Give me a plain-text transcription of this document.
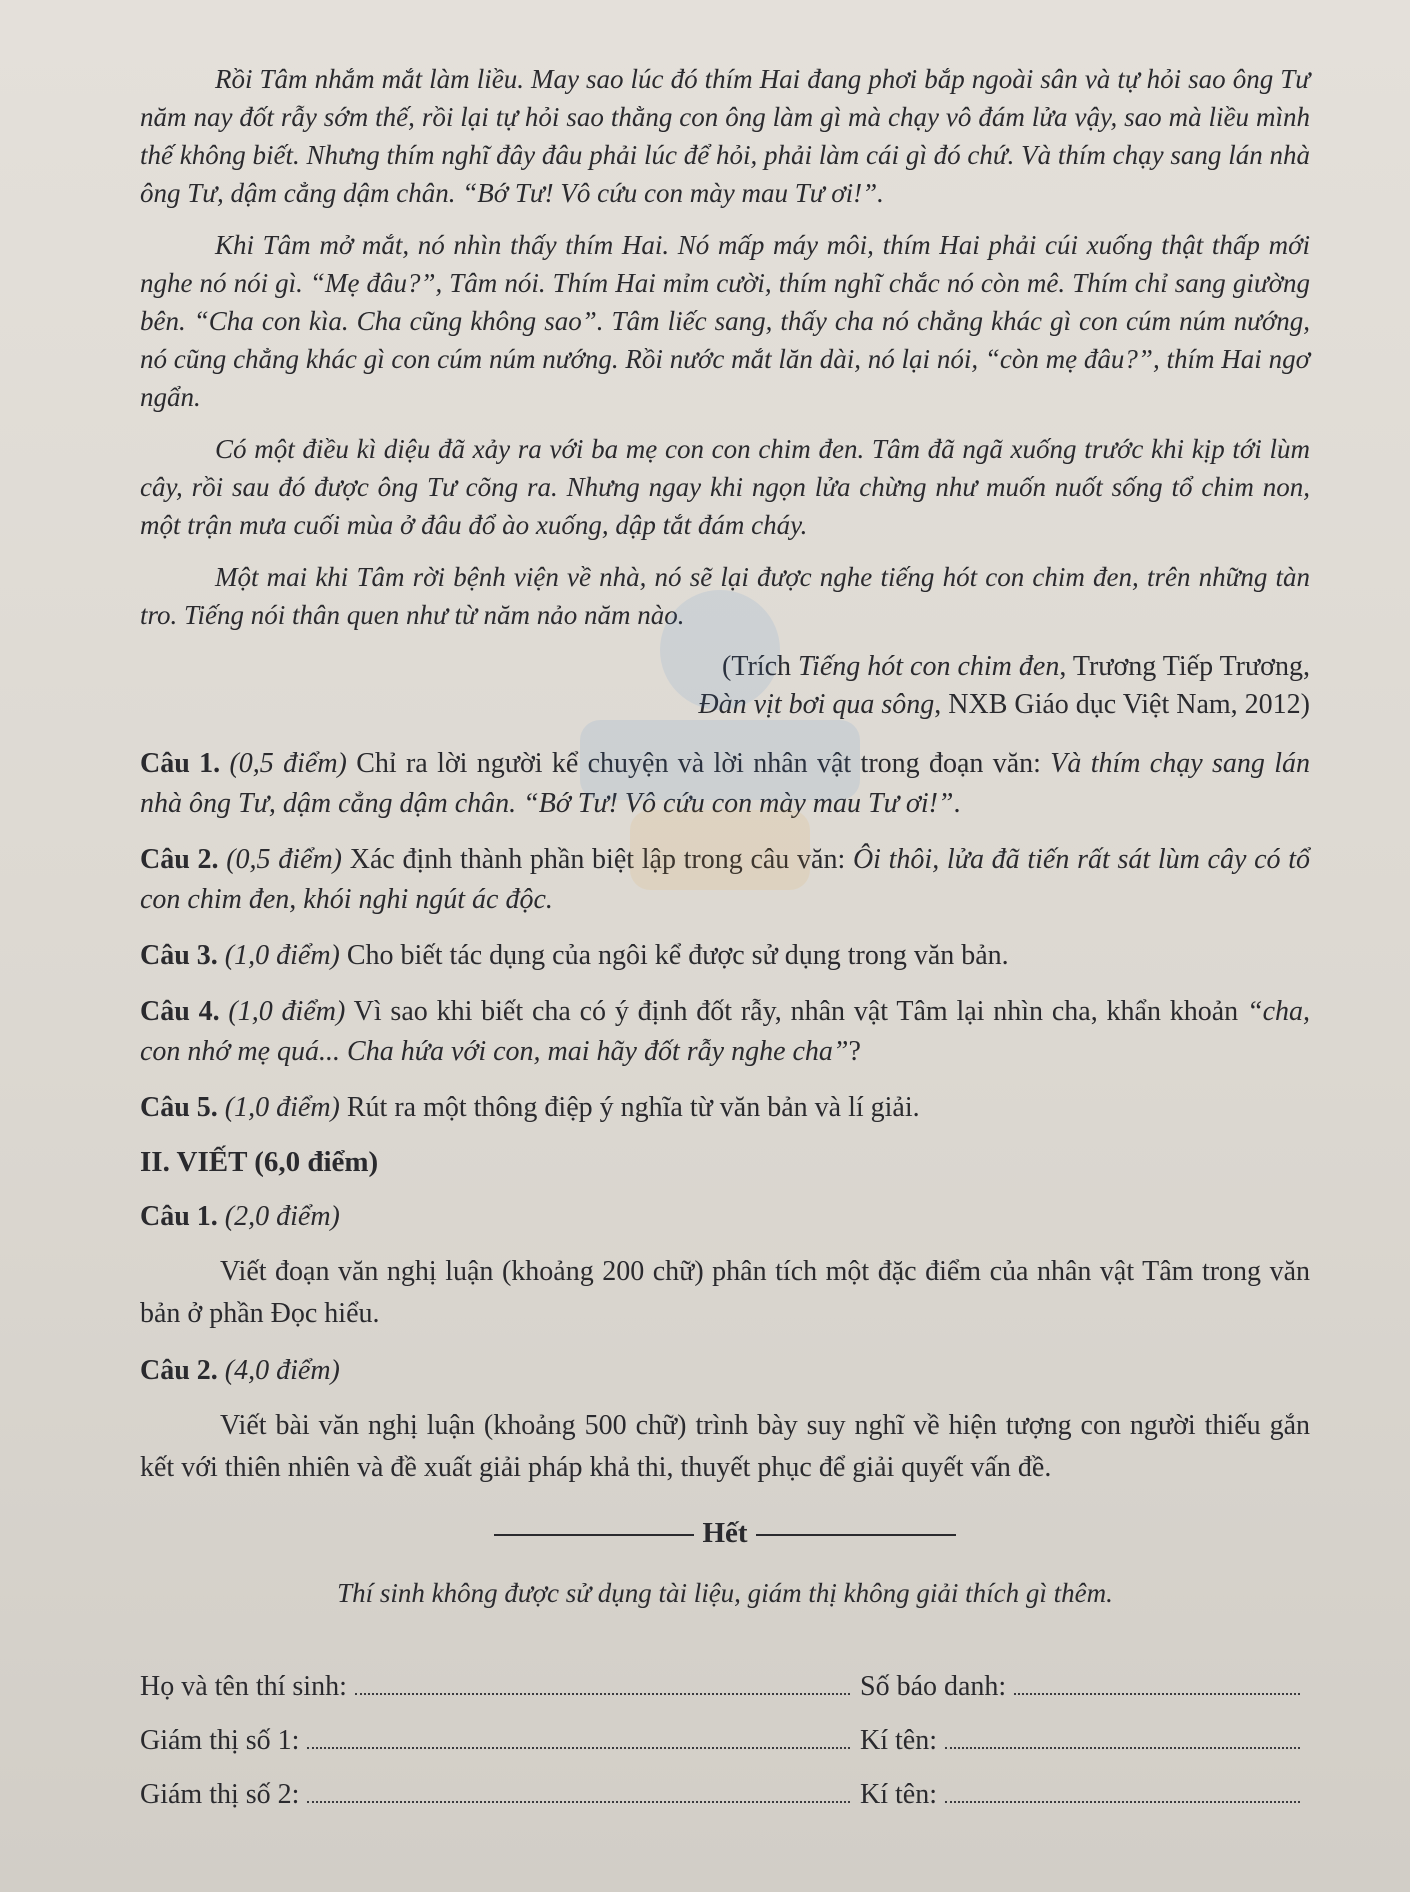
Rồi Tâm nhắm mắt làm liều. May sao lúc đó thím Hai đang phơi bắp ngoài sân và tự hỏi sao ông Tư năm nay đốt rẫy sớm thế, rồi lại tự hỏi sao thằng con ông làm gì mà chạy vô đám lửa vậy, sao mà liều mình thế không biết. Nhưng thím nghĩ đây đâu phải lúc để hỏi, phải làm cái gì đó chứ. Và thím chạy sang lán nhà ông Tư, dậm cẳng dậm chân. “Bớ Tư! Vô cứu con mày mau Tư ơi!”.

Khi Tâm mở mắt, nó nhìn thấy thím Hai. Nó mấp máy môi, thím Hai phải cúi xuống thật thấp mới nghe nó nói gì. “Mẹ đâu?”, Tâm nói. Thím Hai mỉm cười, thím nghĩ chắc nó còn mê. Thím chỉ sang giường bên. “Cha con kìa. Cha cũng không sao”. Tâm liếc sang, thấy cha nó chẳng khác gì con cúm núm nướng, nó cũng chẳng khác gì con cúm núm nướng. Rồi nước mắt lăn dài, nó lại nói, “còn mẹ đâu?”, thím Hai ngơ ngẩn.

Có một điều kì diệu đã xảy ra với ba mẹ con con chim đen. Tâm đã ngã xuống trước khi kịp tới lùm cây, rồi sau đó được ông Tư cõng ra. Nhưng ngay khi ngọn lửa chừng như muốn nuốt sống tổ chim non, một trận mưa cuối mùa ở đâu đổ ào xuống, dập tắt đám cháy.

Một mai khi Tâm rời bệnh viện về nhà, nó sẽ lại được nghe tiếng hót con chim đen, trên những tàn tro. Tiếng nói thân quen như từ năm nảo năm nào.

(Trích Tiếng hót con chim đen, Trương Tiếp Trương,
Đàn vịt bơi qua sông, NXB Giáo dục Việt Nam, 2012)

Câu 1. (0,5 điểm) Chỉ ra lời người kể chuyện và lời nhân vật trong đoạn văn: Và thím chạy sang lán nhà ông Tư, dậm cẳng dậm chân. “Bớ Tư! Vô cứu con mày mau Tư ơi!”.

Câu 2. (0,5 điểm) Xác định thành phần biệt lập trong câu văn: Ôi thôi, lửa đã tiến rất sát lùm cây có tổ con chim đen, khói nghi ngút ác độc.

Câu 3. (1,0 điểm) Cho biết tác dụng của ngôi kể được sử dụng trong văn bản.

Câu 4. (1,0 điểm) Vì sao khi biết cha có ý định đốt rẫy, nhân vật Tâm lại nhìn cha, khẩn khoản “cha, con nhớ mẹ quá... Cha hứa với con, mai hãy đốt rẫy nghe cha”?

Câu 5. (1,0 điểm) Rút ra một thông điệp ý nghĩa từ văn bản và lí giải.

II. VIẾT (6,0 điểm)
Câu 1. (2,0 điểm)

Viết đoạn văn nghị luận (khoảng 200 chữ) phân tích một đặc điểm của nhân vật Tâm trong văn bản ở phần Đọc hiểu.

Câu 2. (4,0 điểm)

Viết bài văn nghị luận (khoảng 500 chữ) trình bày suy nghĩ về hiện tượng con người thiếu gắn kết với thiên nhiên và đề xuất giải pháp khả thi, thuyết phục để giải quyết vấn đề.

Hết

Thí sinh không được sử dụng tài liệu, giám thị không giải thích gì thêm.

Họ và tên thí sinh:	Số báo danh:
Giám thị số 1:	Kí tên:
Giám thị số 2:	Kí tên:
